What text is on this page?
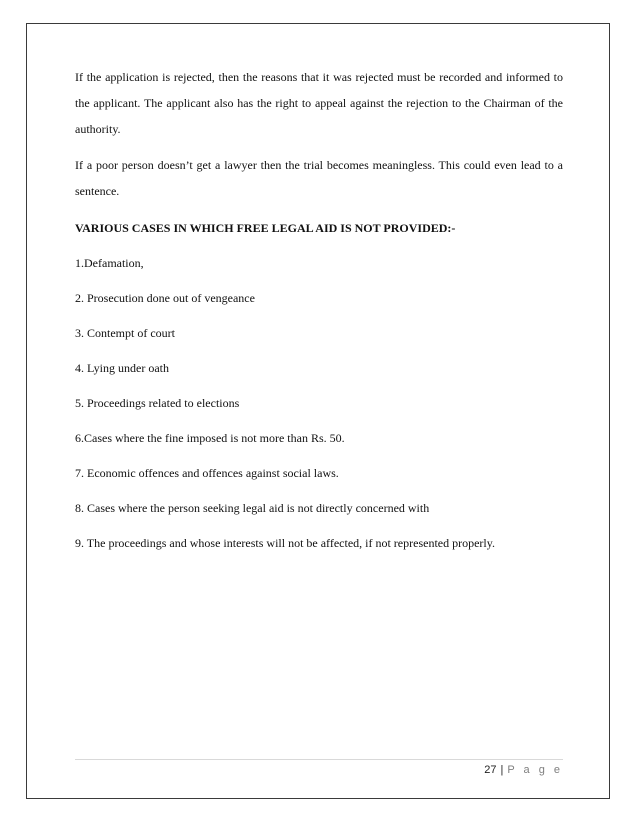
If the application is rejected, then the reasons that it was rejected must be recorded and informed to the applicant. The applicant also has the right to appeal against the rejection to the Chairman of the authority.

If a poor person doesn’t get a lawyer then the trial becomes meaningless. This could even lead to a sentence.

VARIOUS CASES IN WHICH FREE LEGAL AID IS NOT PROVIDED:-
1.Defamation,
2. Prosecution done out of vengeance
3. Contempt of court
4. Lying under oath
5. Proceedings related to elections
6.Cases where the fine imposed is not more than Rs. 50.
7. Economic offences and offences against social laws.
8. Cases where the person seeking legal aid is not directly concerned with
9. The proceedings and whose interests will not be affected, if not represented properly.
27 | P a g e
